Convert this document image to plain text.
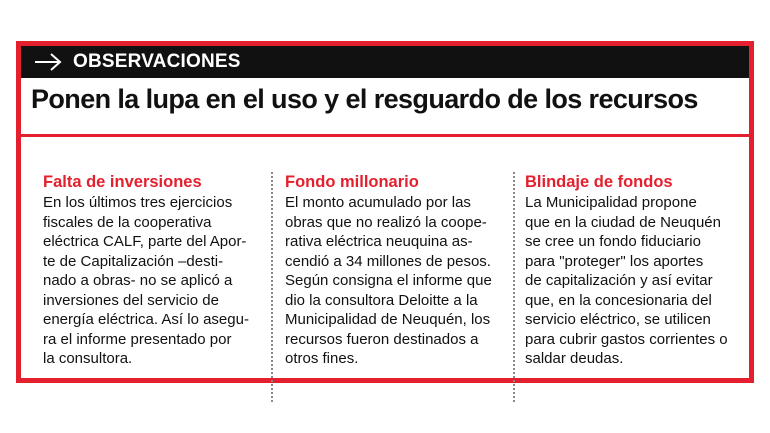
OBSERVACIONES
Ponen la lupa en el uso y el resguardo de los recursos
Falta de inversiones
En los últimos tres ejercicios
fiscales de la cooperativa
eléctrica CALF, parte del Apor-
te de Capitalización –desti-
nado a obras- no se aplicó a
inversiones del servicio de
energía eléctrica. Así lo asegu-
ra el informe presentado por
la consultora.
Fondo millonario
El monto acumulado por las
obras que no realizó la coope-
rativa eléctrica neuquina as-
cendió a 34 millones de pesos.
Según consigna el informe que
dio la consultora Deloitte a la
Municipalidad de Neuquén, los
recursos fueron destinados a
otros fines.
Blindaje de fondos
La Municipalidad propone
que en la ciudad de Neuquén
se cree un fondo fiduciario
para "proteger" los aportes
de capitalización y así evitar
que, en la concesionaria del
servicio eléctrico, se utilicen
para cubrir gastos corrientes o
saldar deudas.
